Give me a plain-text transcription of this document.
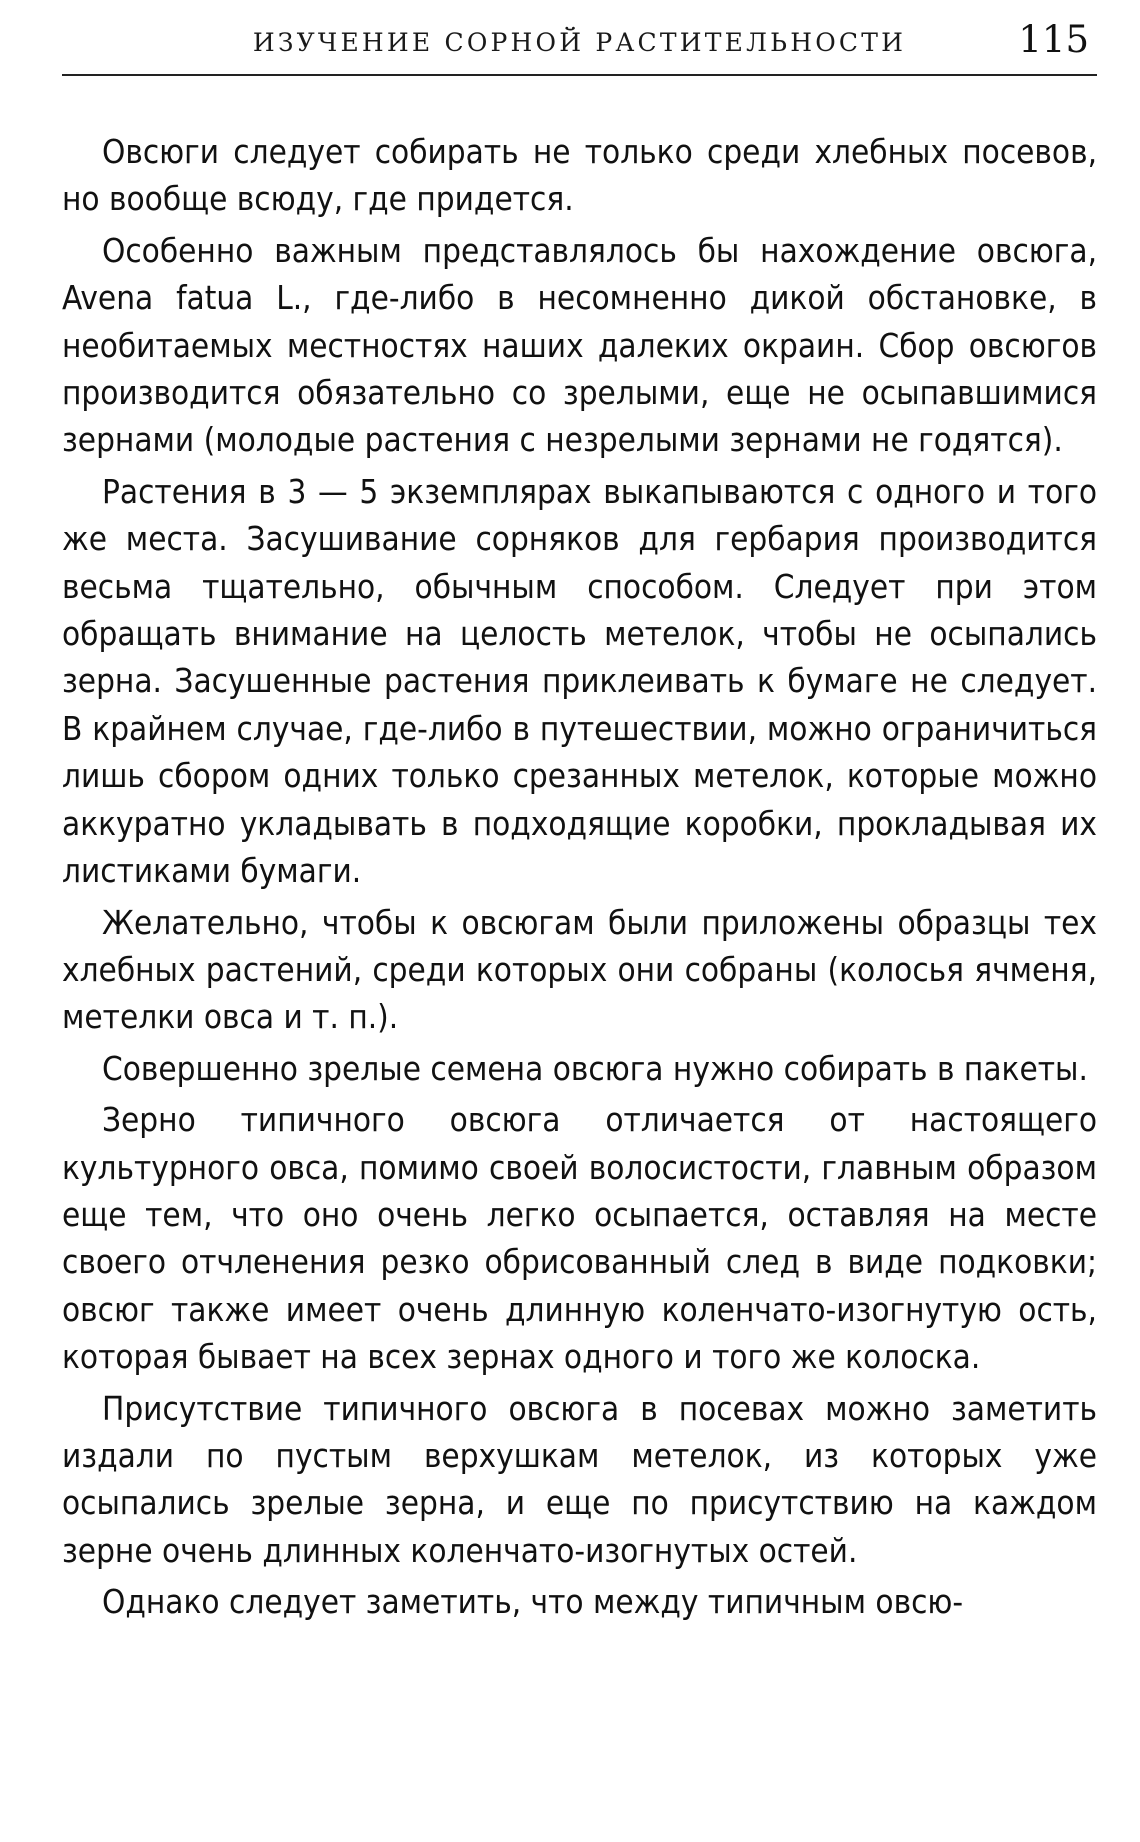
ИЗУЧЕНИЕ СОРНОЙ РАСТИТЕЛЬНОСТИ	115

Овсюги следует собирать не только среди хлебных посевов, но вообще всюду, где придется.

Особенно важным представлялось бы нахождение овсюга, Avena fatua L., где-либо в несомненно дикой обстановке, в необитаемых местностях наших далеких окраин. Сбор овсюгов производится обязательно со зрелыми, еще не осыпавшимися зернами (молодые растения с незрелыми зернами не годятся).

Растения в 3 — 5 экземплярах выкапываются с одного и того же места. Засушивание сорняков для гербария производится весьма тщательно, обычным способом. Следует при этом обращать внимание на целость метелок, чтобы не осыпались зерна. Засушенные растения приклеивать к бумаге не следует. В крайнем случае, где-либо в путешествии, можно ограничиться лишь сбором одних только срезанных метелок, которые можно аккуратно укладывать в подходящие коробки, прокладывая их листиками бумаги.

Желательно, чтобы к овсюгам были приложены образцы тех хлебных растений, среди которых они собраны (колосья ячменя, метелки овса и т. п.).

Совершенно зрелые семена овсюга нужно собирать в пакеты.

Зерно типичного овсюга отличается от настоящего культурного овса, помимо своей волосистости, главным образом еще тем, что оно очень легко осыпается, оставляя на месте своего отчленения резко обрисованный след в виде подковки; овсюг также имеет очень длинную коленчато-изогнутую ость, которая бывает на всех зернах одного и того же колоска.

Присутствие типичного овсюга в посевах можно заметить издали по пустым верхушкам метелок, из которых уже осыпались зрелые зерна, и еще по присутствию на каждом зерне очень длинных коленчато-изогнутых остей.

Однако следует заметить, что между типичным овсю-
